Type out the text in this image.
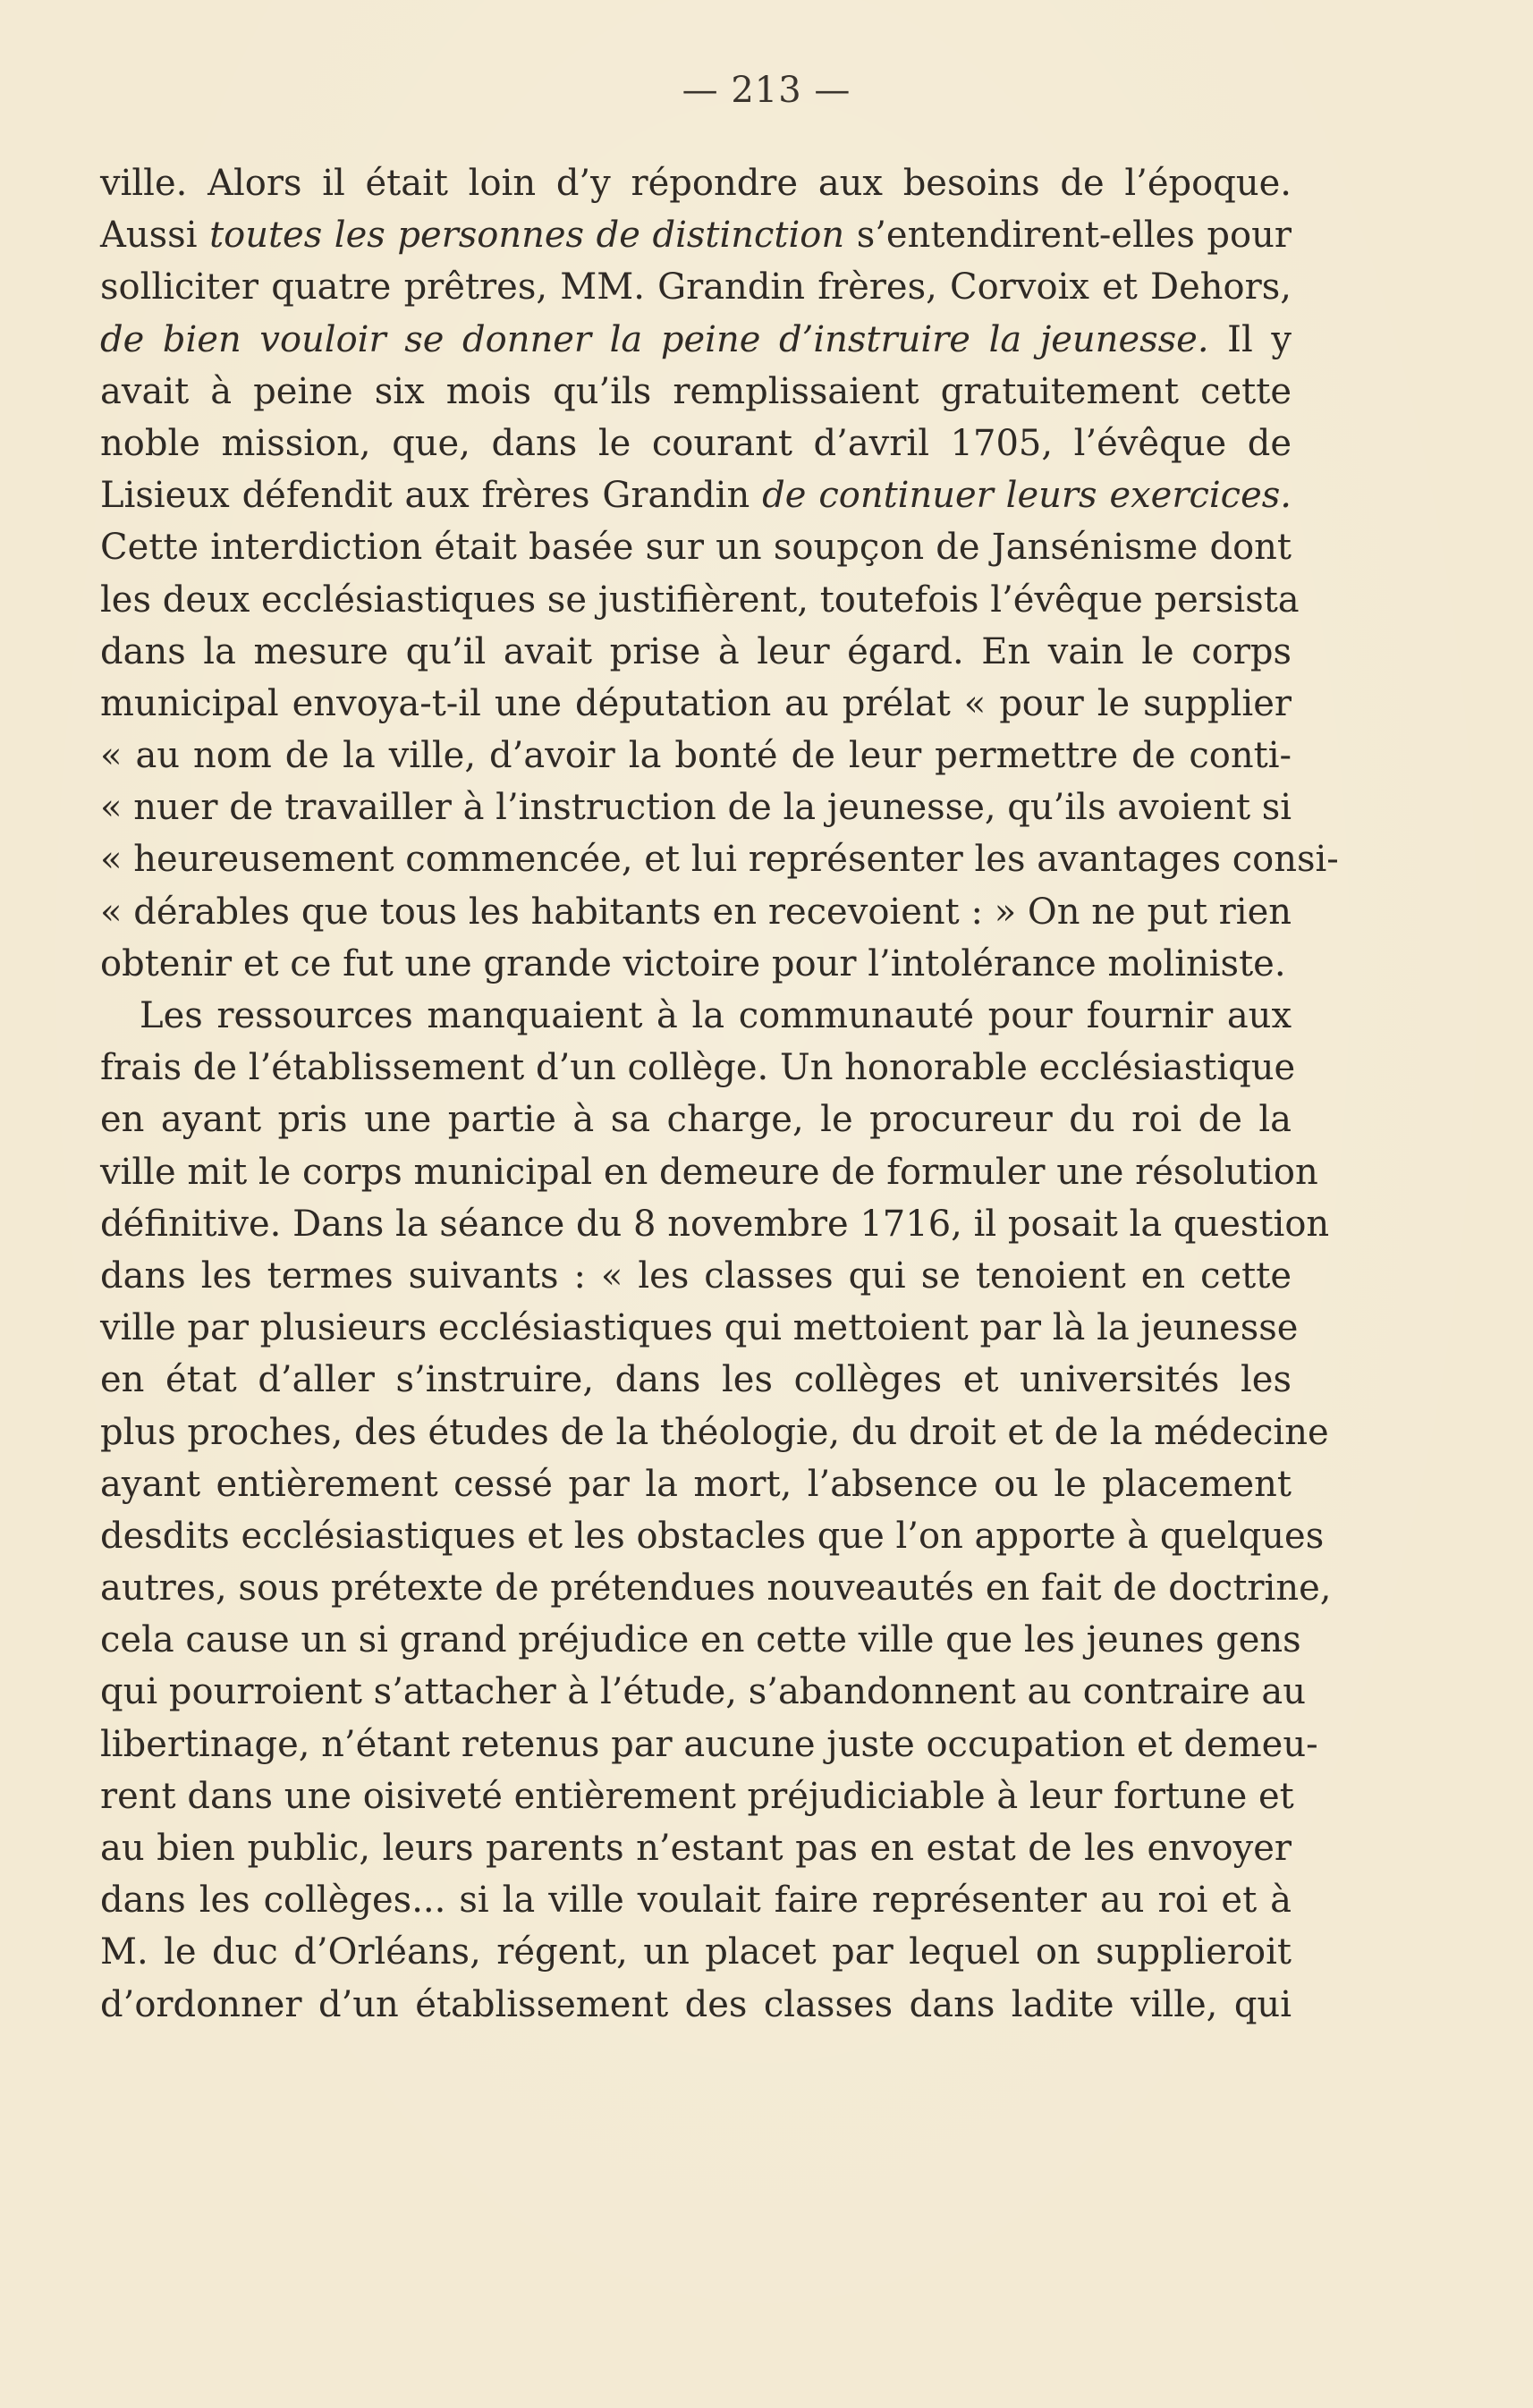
— 213 —
ville. Alors il était loin d’y répondre aux besoins de l’époque.
Aussi toutes les personnes de distinction s’entendirent-elles pour
solliciter quatre prêtres, MM. Grandin frères, Corvoix et Dehors,
de bien vouloir se donner la peine d’instruire la jeunesse. Il y
avait à peine six mois qu’ils remplissaient gratuitement cette
noble mission, que, dans le courant d’avril 1705, l’évêque de
Lisieux défendit aux frères Grandin de continuer leurs exercices.
Cette interdiction était basée sur un soupçon de Jansénisme dont
les deux ecclésiastiques se justifièrent, toutefois l’évêque persista
dans la mesure qu’il avait prise à leur égard. En vain le corps
municipal envoya-t-il une députation au prélat « pour le supplier
« au nom de la ville, d’avoir la bonté de leur permettre de conti-
« nuer de travailler à l’instruction de la jeunesse, qu’ils avoient si
« heureusement commencée, et lui représenter les avantages consi-
« dérables que tous les habitants en recevoient : » On ne put rien
obtenir et ce fut une grande victoire pour l’intolérance moliniste.
Les ressources manquaient à la communauté pour fournir aux
frais de l’établissement d’un collège. Un honorable ecclésiastique
en ayant pris une partie à sa charge, le procureur du roi de la
ville mit le corps municipal en demeure de formuler une résolution
définitive. Dans la séance du 8 novembre 1716, il posait la question
dans les termes suivants : « les classes qui se tenoient en cette
ville par plusieurs ecclésiastiques qui mettoient par là la jeunesse
en état d’aller s’instruire, dans les collèges et universités les
plus proches, des études de la théologie, du droit et de la médecine
ayant entièrement cessé par la mort, l’absence ou le placement
desdits ecclésiastiques et les obstacles que l’on apporte à quelques
autres, sous prétexte de prétendues nouveautés en fait de doctrine,
cela cause un si grand préjudice en cette ville que les jeunes gens
qui pourroient s’attacher à l’étude, s’abandonnent au contraire au
libertinage, n’étant retenus par aucune juste occupation et demeu-
rent dans une oisiveté entièrement préjudiciable à leur fortune et
au bien public, leurs parents n’estant pas en estat de les envoyer
dans les collèges... si la ville voulait faire représenter au roi et à
M. le duc d’Orléans, régent, un placet par lequel on supplieroit
d’ordonner d’un établissement des classes dans ladite ville, qui
